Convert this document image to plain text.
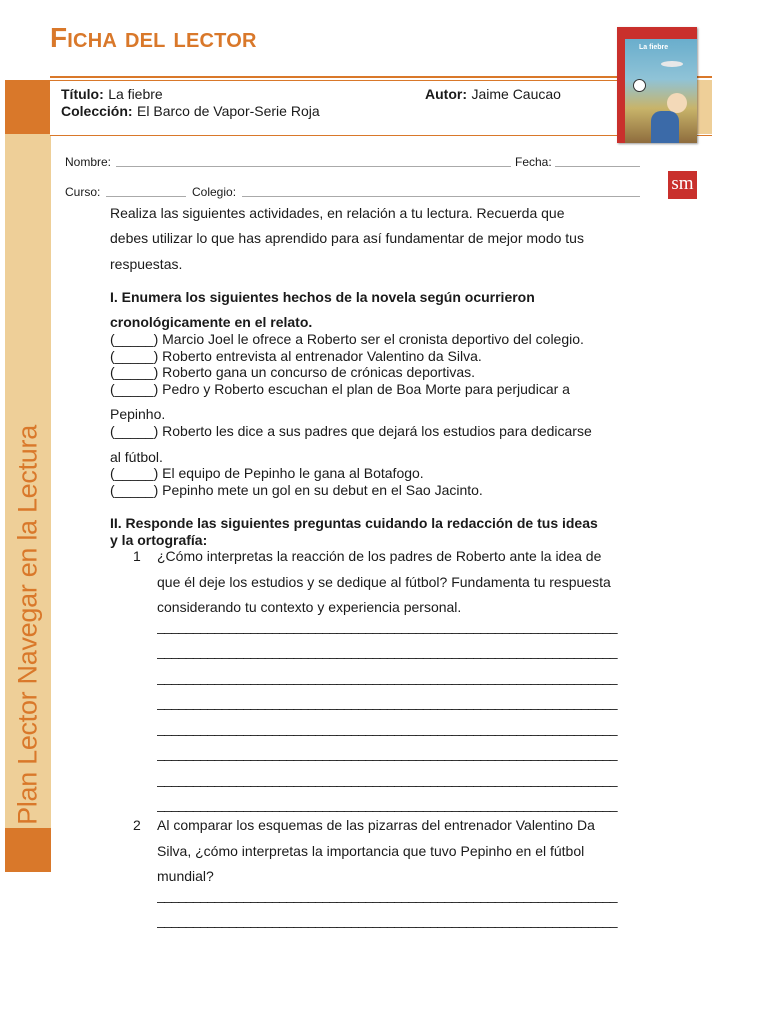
Ficha del lector
Plan Lector Navegar en la Lectura
Título: La fiebre	Autor: Jaime Caucao
Colección: El Barco de Vapor-Serie Roja
La fiebre
sm
Nombre:	Fecha:
Curso:	Colegio:
Realiza las siguientes actividades, en relación a tu lectura. Recuerda que
debes utilizar lo que has aprendido para así fundamentar de mejor modo tus
respuestas.
I. Enumera los siguientes hechos de la novela según ocurrieron
cronológicamente en el relato.
(_____) Marcio Joel le ofrece a Roberto ser el cronista deportivo del colegio.
(_____) Roberto entrevista al entrenador Valentino da Silva.
(_____) Roberto gana un concurso de crónicas deportivas.
(_____) Pedro y Roberto escuchan el plan de Boa Morte para perjudicar a
Pepinho.
(_____) Roberto les dice a sus padres que dejará los estudios para dedicarse
al fútbol.
(_____) El equipo de Pepinho le gana al Botafogo.
(_____) Pepinho mete un gol en su debut en el Sao Jacinto.
II. Responde las siguientes preguntas cuidando la redacción de tus ideas
y la ortografía:
1 ¿Cómo interpretas la reacción de los padres de Roberto ante la idea de
que él deje los estudios y se dedique al fútbol? Fundamenta tu respuesta
considerando tu contexto y experiencia personal.
________________________________________________________________
________________________________________________________________
________________________________________________________________
________________________________________________________________
________________________________________________________________
________________________________________________________________
________________________________________________________________
________________________________________________________________
2 Al comparar los esquemas de las pizarras del entrenador Valentino Da
Silva, ¿cómo interpretas la importancia que tuvo Pepinho en el fútbol
mundial?
________________________________________________________________
________________________________________________________________
